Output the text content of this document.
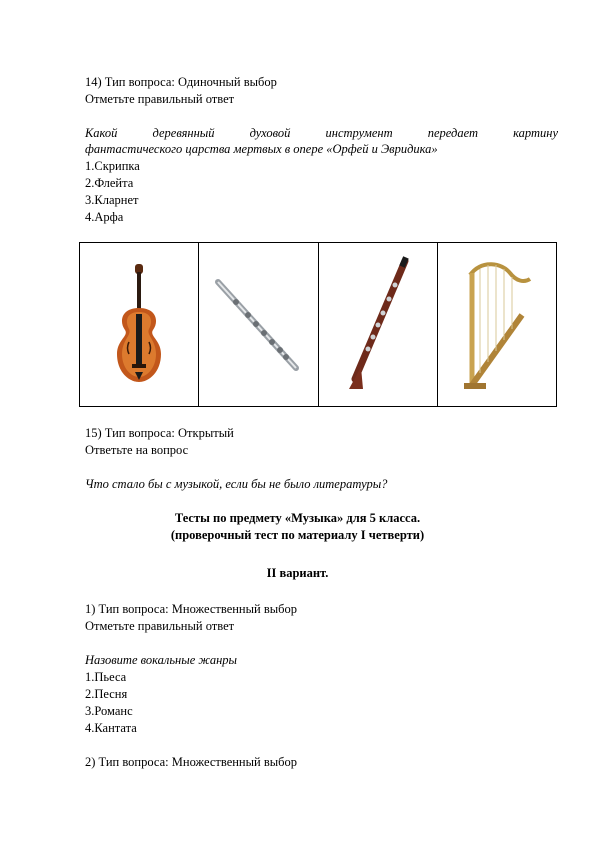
14) Тип вопроса: Одиночный выбор
Отметьте правильный ответ
Какой	деревянный	духовой	инструмент	передает	картину
фантастического царства мертвых в опере «Орфей и Эвридика»
1.Скрипка
2.Флейта
3.Кларнет
4.Арфа

15) Тип вопроса: Открытый
Ответьте на вопрос
Что стало бы с музыкой, если бы не было литературы?
Тесты по предмету «Музыка» для 5 класса.
(проверочный тест по материалу I четверти)
II вариант.
1) Тип вопроса: Множественный выбор
Отметьте правильный ответ
Назовите вокальные жанры
1.Пьеса
2.Песня
3.Романс
4.Кантата
2) Тип вопроса: Множественный выбор
